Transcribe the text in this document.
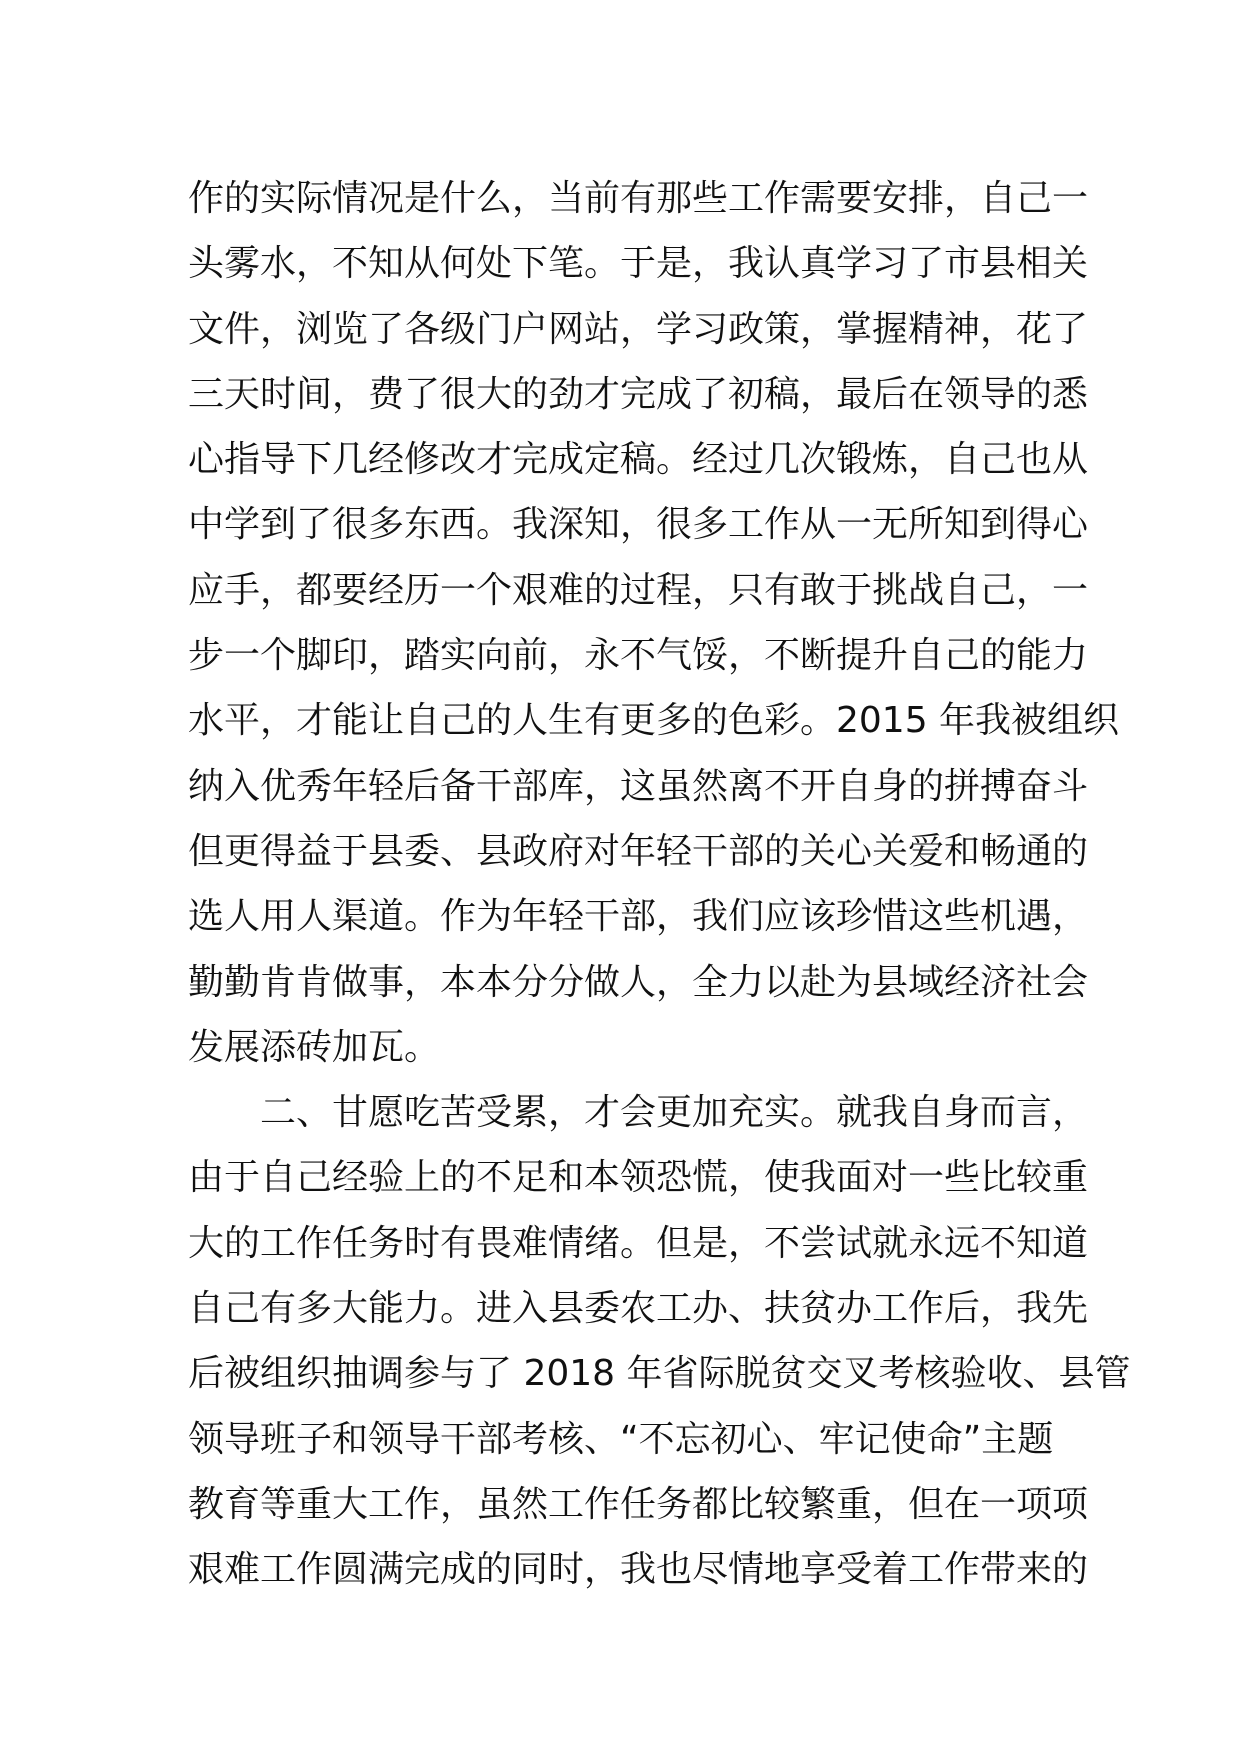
作的实际情况是什么，当前有那些工作需要安排，自己一
头雾水，不知从何处下笔。于是，我认真学习了市县相关
文件，浏览了各级门户网站，学习政策，掌握精神，花了
三天时间，费了很大的劲才完成了初稿，最后在领导的悉
心指导下几经修改才完成定稿。经过几次锻炼，自己也从
中学到了很多东西。我深知，很多工作从一无所知到得心
应手，都要经历一个艰难的过程，只有敢于挑战自己，一
步一个脚印，踏实向前，永不气馁，不断提升自己的能力
水平，才能让自己的人生有更多的色彩。2015 年我被组织
纳入优秀年轻后备干部库，这虽然离不开自身的拼搏奋斗
但更得益于县委、县政府对年轻干部的关心关爱和畅通的
选人用人渠道。作为年轻干部，我们应该珍惜这些机遇，
勤勤肯肯做事，本本分分做人，全力以赴为县域经济社会
发展添砖加瓦。
二、甘愿吃苦受累，才会更加充实。就我自身而言，
由于自己经验上的不足和本领恐慌，使我面对一些比较重
大的工作任务时有畏难情绪。但是，不尝试就永远不知道
自己有多大能力。进入县委农工办、扶贫办工作后，我先
后被组织抽调参与了 2018 年省际脱贫交叉考核验收、县管
领导班子和领导干部考核、“不忘初心、牢记使命”主题
教育等重大工作，虽然工作任务都比较繁重，但在一项项
艰难工作圆满完成的同时，我也尽情地享受着工作带来的
